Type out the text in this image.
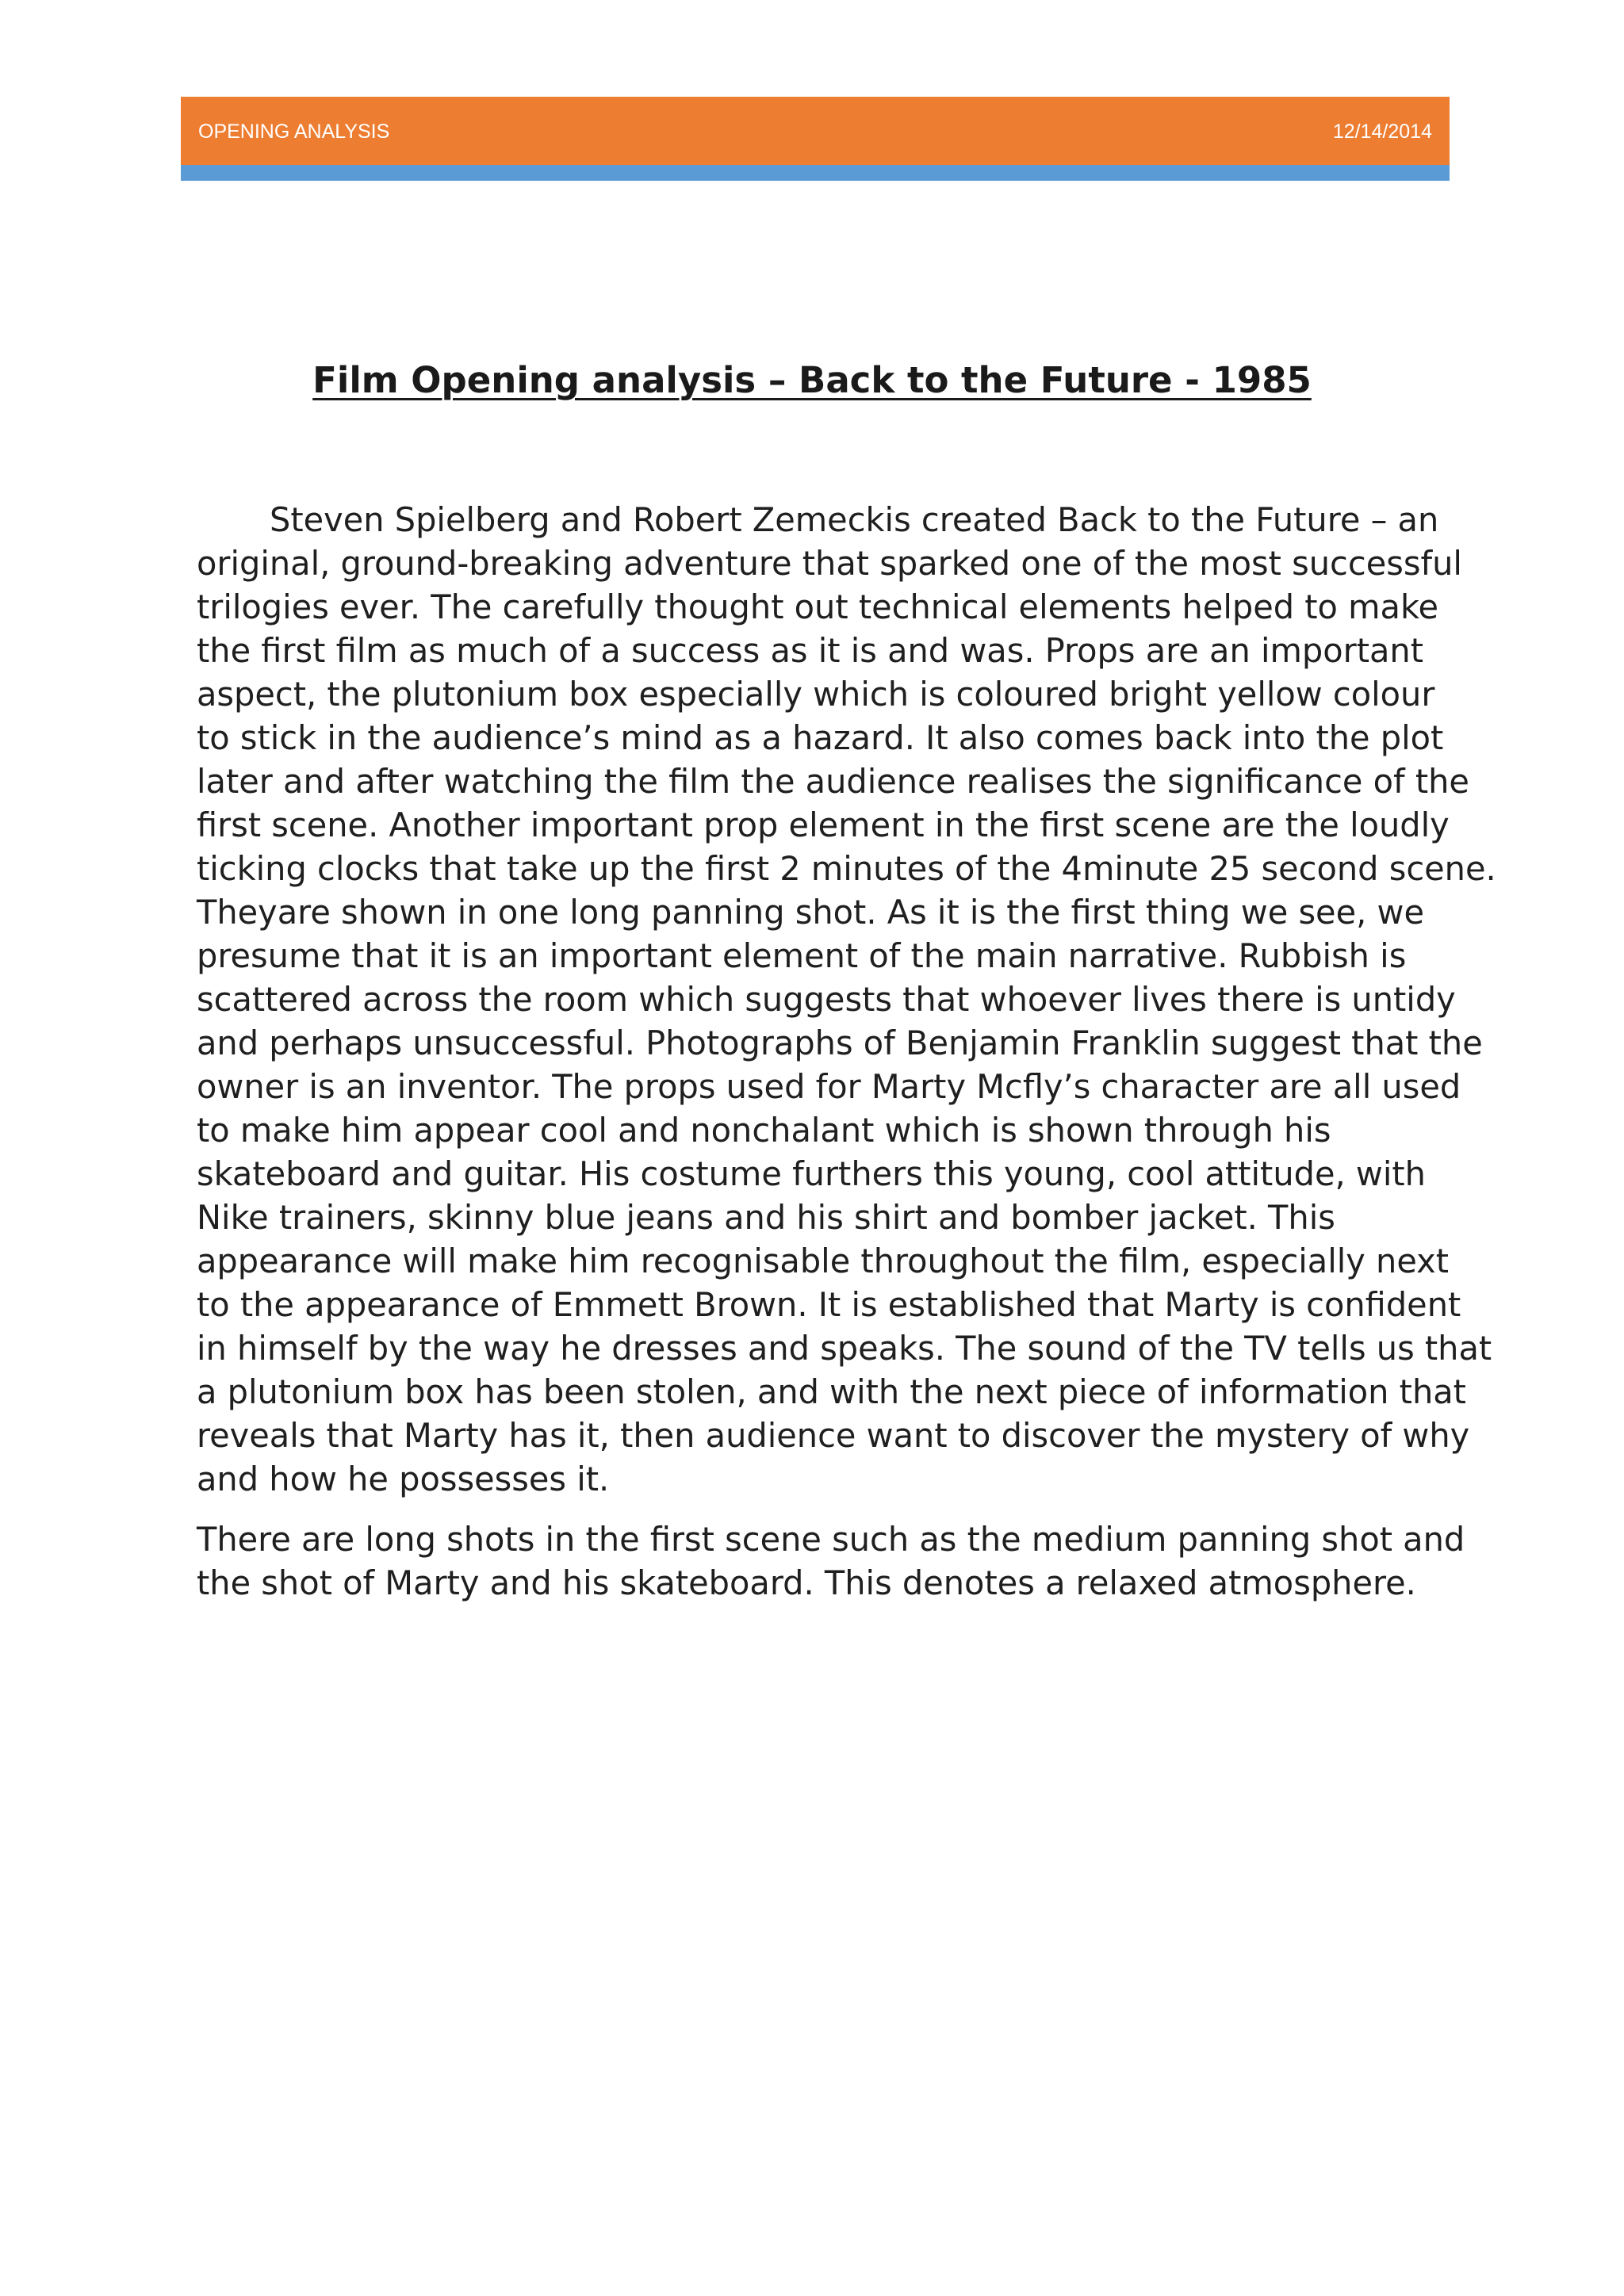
OPENING ANALYSIS	12/14/2014
Film Opening analysis – Back to the Future - 1985

Steven Spielberg and Robert Zemeckis created Back to the Future – an
original, ground-breaking adventure that sparked one of the most successful
trilogies ever. The carefully thought out technical elements helped to make
the first film as much of a success as it is and was. Props are an important
aspect, the plutonium box especially which is coloured bright yellow colour
to stick in the audience’s mind as a hazard. It also comes back into the plot
later and after watching the film the audience realises the significance of the
first scene. Another important prop element in the first scene are the loudly
ticking clocks that take up the first 2 minutes of the 4minute 25 second scene.
Theyare shown in one long panning shot. As it is the first thing we see, we
presume that it is an important element of the main narrative. Rubbish is
scattered across the room which suggests that whoever lives there is untidy
and perhaps unsuccessful. Photographs of Benjamin Franklin suggest that the
owner is an inventor. The props used for Marty Mcfly’s character are all used
to make him appear cool and nonchalant which is shown through his
skateboard and guitar. His costume furthers this young, cool attitude, with
Nike trainers, skinny blue jeans and his shirt and bomber jacket. This
appearance will make him recognisable throughout the film, especially next
to the appearance of Emmett Brown. It is established that Marty is confident
in himself by the way he dresses and speaks. The sound of the TV tells us that
a plutonium box has been stolen, and with the next piece of information that
reveals that Marty has it, then audience want to discover the mystery of why
and how he possesses it.

There are long shots in the first scene such as the medium panning shot and
the shot of Marty and his skateboard. This denotes a relaxed atmosphere.
